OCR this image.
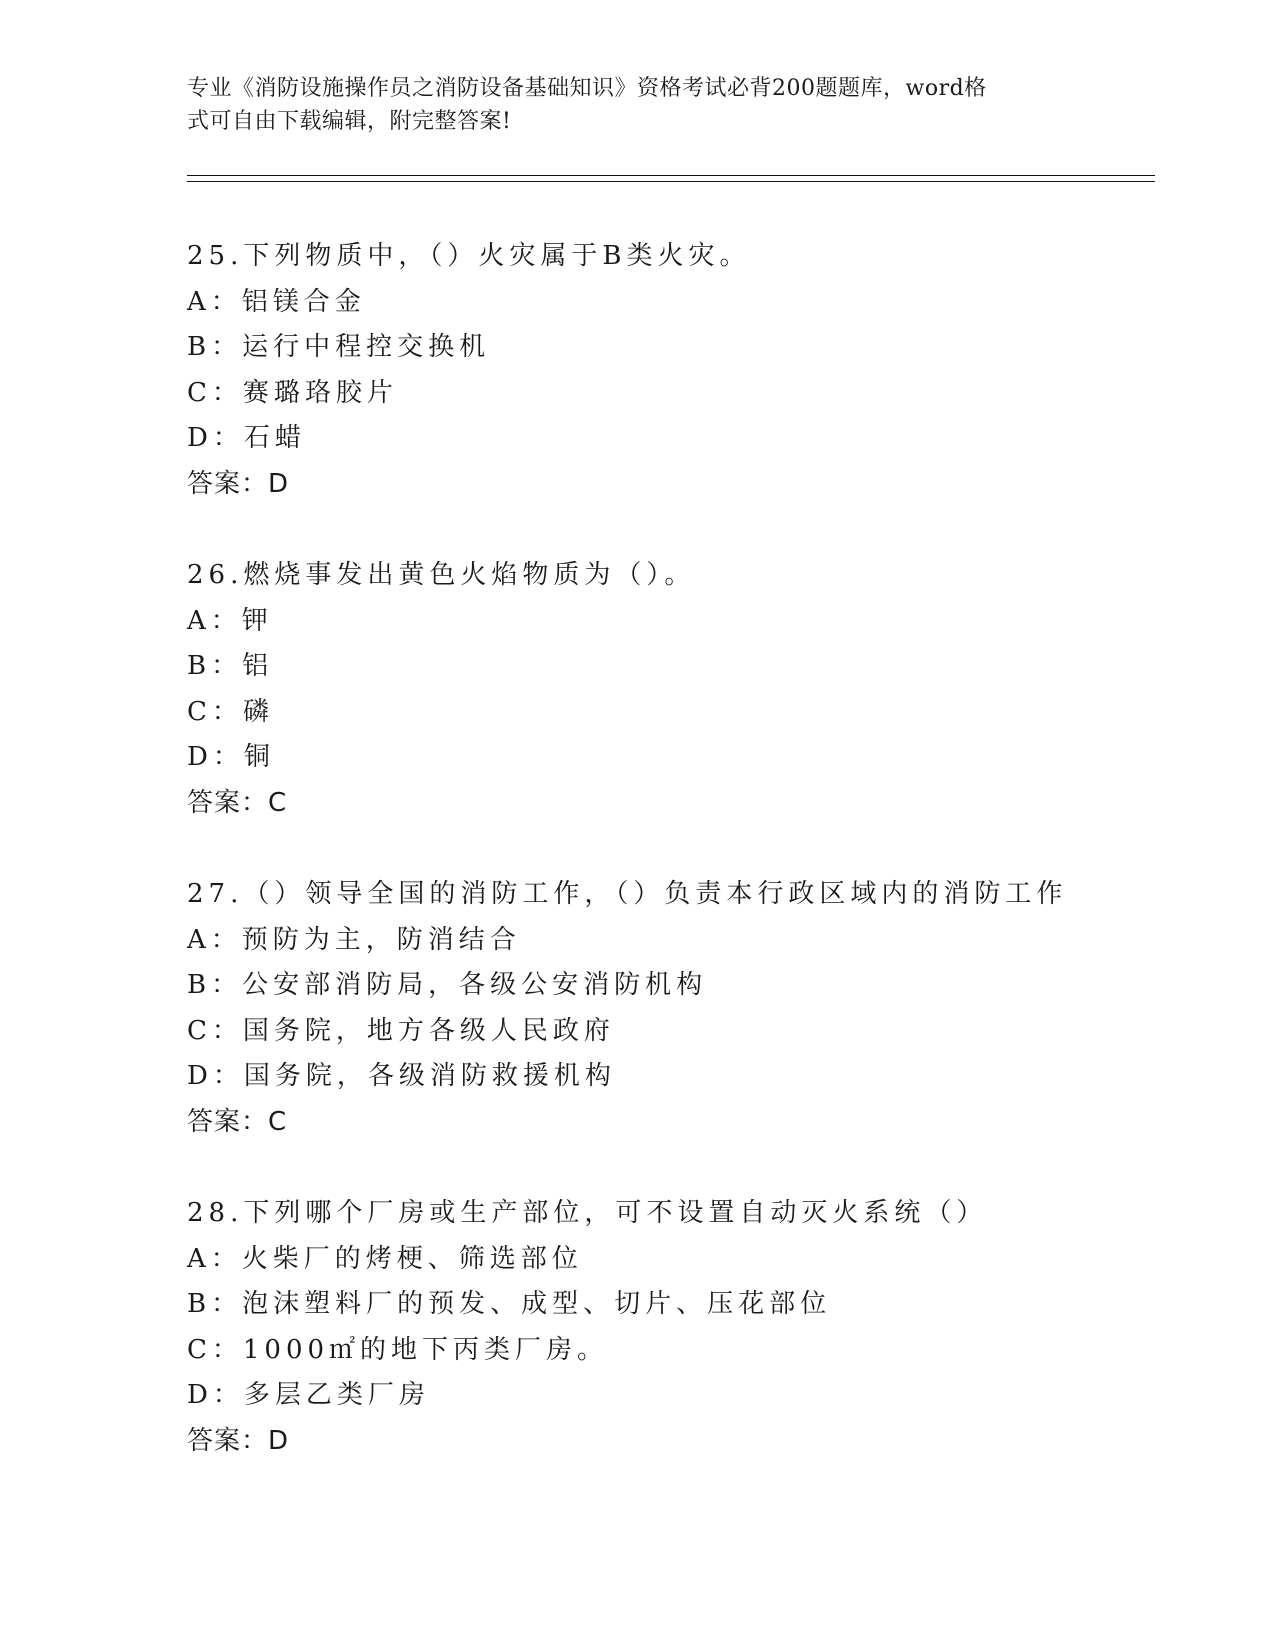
专业《消防设施操作员之消防设备基础知识》资格考试必背200题题库，word格
式可自由下载编辑，附完整答案!
25.下列物质中，（）火灾属于B类火灾。
A：铝镁合金
B：运行中程控交换机
C：赛璐珞胶片
D：石蜡
答案：D
26.燃烧事发出黄色火焰物质为（）。
A：钾
B：铝
C：磷
D：铜
答案：C
27.（）领导全国的消防工作，（）负责本行政区域内的消防工作
A：预防为主，防消结合
B：公安部消防局，各级公安消防机构
C：国务院，地方各级人民政府
D：国务院，各级消防救援机构
答案：C
28.下列哪个厂房或生产部位，可不设置自动灭火系统（）
A：火柴厂的烤梗、筛选部位
B：泡沫塑料厂的预发、成型、切片、压花部位
C：1000㎡的地下丙类厂房。
D：多层乙类厂房
答案：D
